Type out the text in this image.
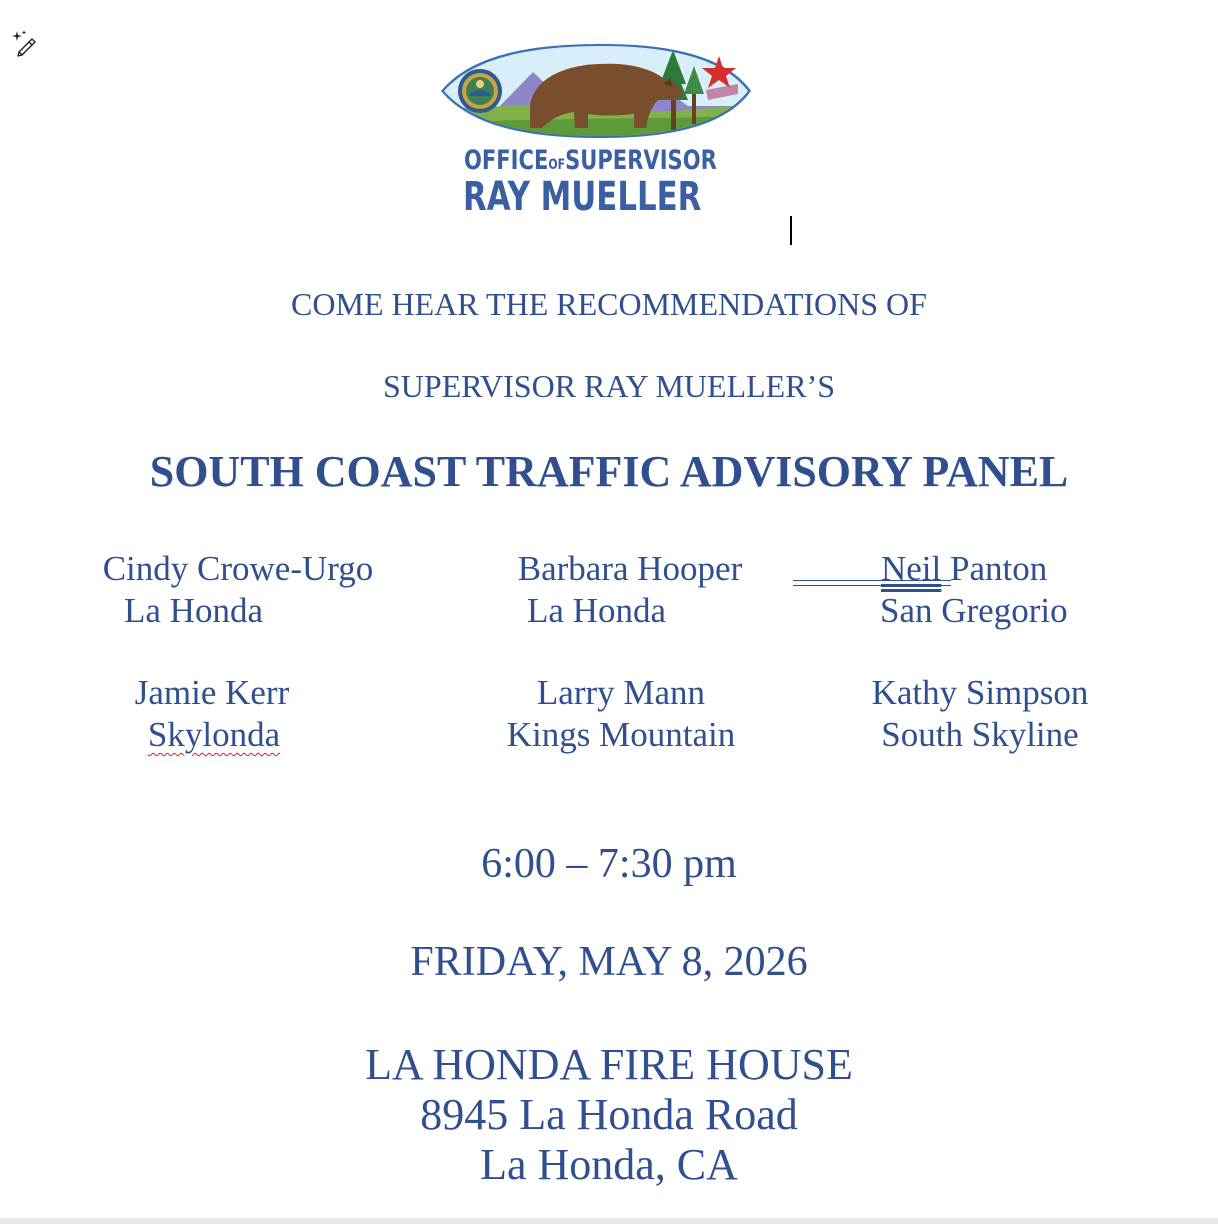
OFFICEOFSUPERVISOR
RAY MUELLER
COME HEAR THE RECOMMENDATIONS OF
SUPERVISOR RAY MUELLER’S
SOUTH COAST TRAFFIC ADVISORY PANEL
Cindy Crowe-Urgo

La Honda
Barbara Hooper

La Honda
Neil Panton
San Gregorio
Jamie Kerr
Skylonda
Larry Mann
Kings Mountain
Kathy Simpson
South Skyline
6:00 – 7:30 pm
FRIDAY, MAY 8, 2026
LA HONDA FIRE HOUSE
8945 La Honda Road
La Honda, CA
